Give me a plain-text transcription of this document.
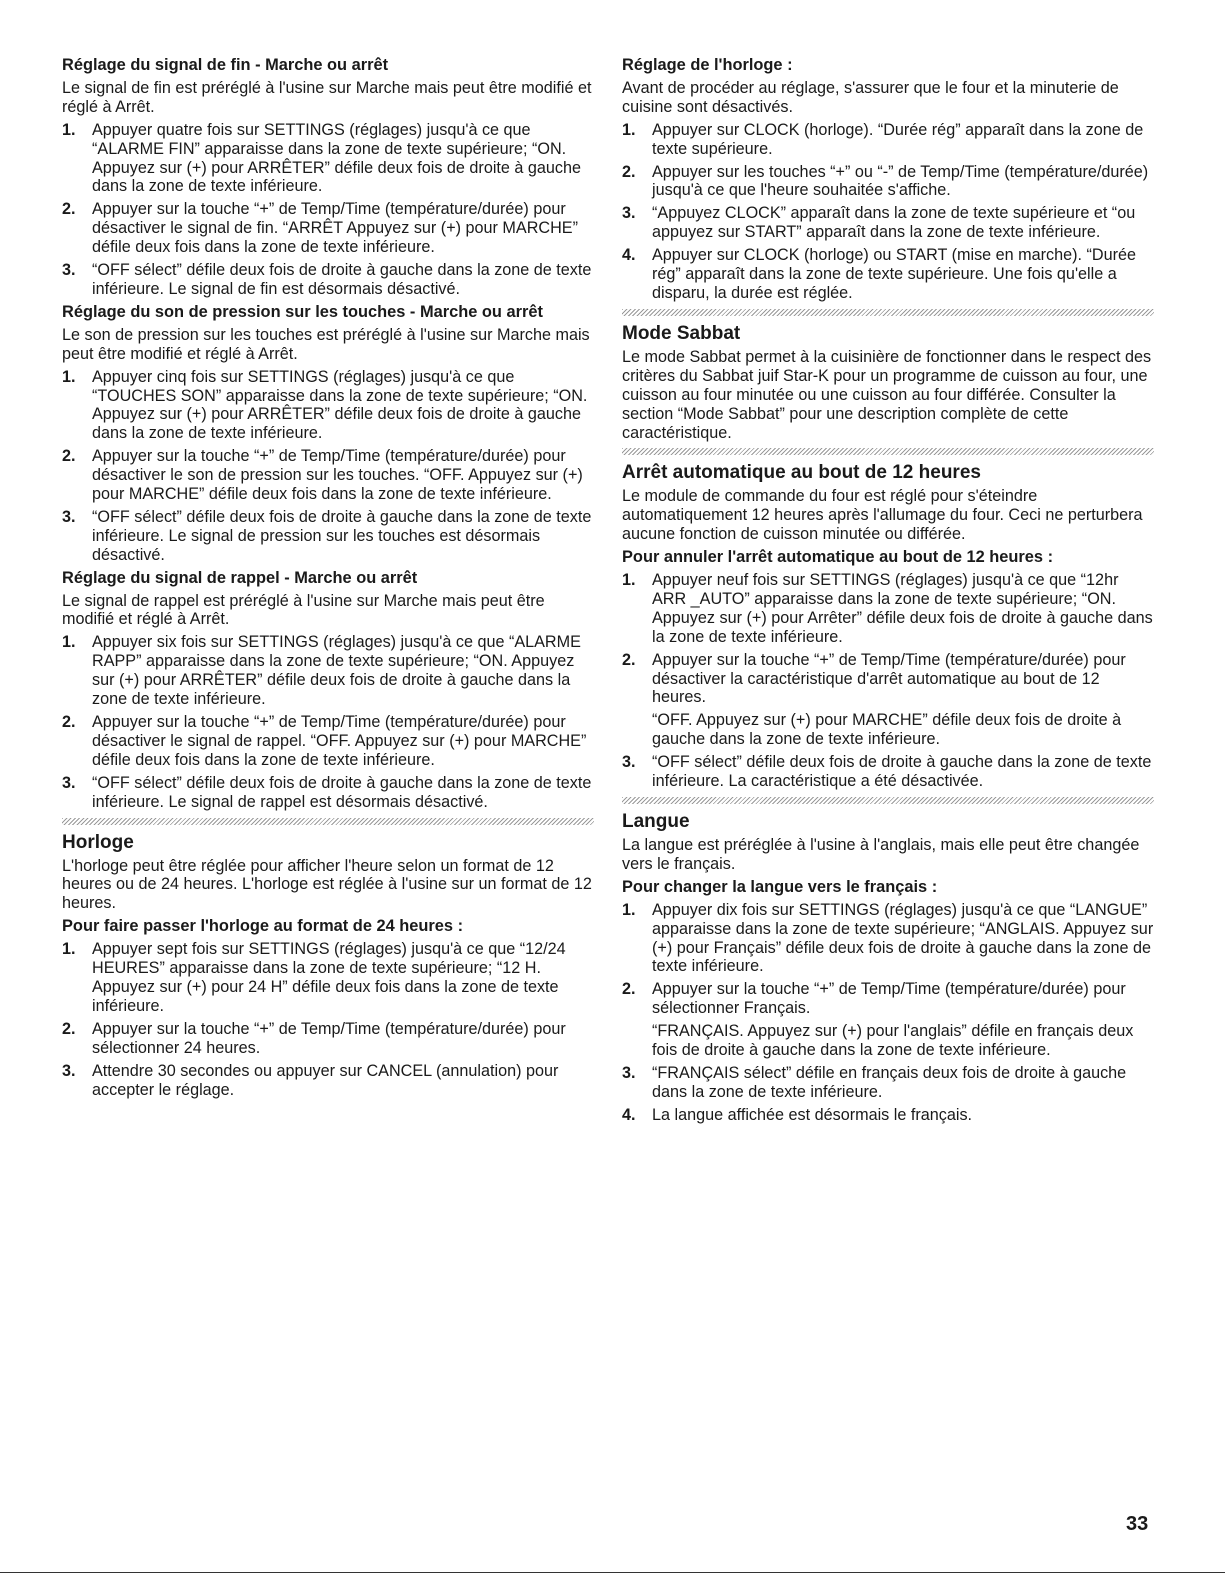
Réglage du signal de fin - Marche ou arrêt

Le signal de fin est préréglé à l'usine sur Marche mais peut être modifié et réglé à Arrêt.

1.	Appuyer quatre fois sur SETTINGS (réglages) jusqu'à ce que “ALARME FIN” apparaisse dans la zone de texte supérieure; “ON. Appuyez sur (+) pour ARRÊTER” défile deux fois de droite à gauche dans la zone de texte inférieure.
2.	Appuyer sur la touche “+” de Temp/Time (température/durée) pour désactiver le signal de fin. “ARRÊT Appuyez sur (+) pour MARCHE” défile deux fois dans la zone de texte inférieure.
3.	“OFF sélect” défile deux fois de droite à gauche dans la zone de texte inférieure. Le signal de fin est désormais désactivé.
Réglage du son de pression sur les touches - Marche ou arrêt

Le son de pression sur les touches est préréglé à l'usine sur Marche mais peut être modifié et réglé à Arrêt.

1.	Appuyer cinq fois sur SETTINGS (réglages) jusqu'à ce que “TOUCHES SON” apparaisse dans la zone de texte supérieure; “ON. Appuyez sur (+) pour ARRÊTER” défile deux fois de droite à gauche dans la zone de texte inférieure.
2.	Appuyer sur la touche “+” de Temp/Time (température/durée) pour désactiver le son de pression sur les touches. “OFF. Appuyez sur (+) pour MARCHE” défile deux fois dans la zone de texte inférieure.
3.	“OFF sélect” défile deux fois de droite à gauche dans la zone de texte inférieure. Le signal de pression sur les touches est désormais désactivé.
Réglage du signal de rappel - Marche ou arrêt

Le signal de rappel est préréglé à l'usine sur Marche mais peut être modifié et réglé à Arrêt.

1.	Appuyer six fois sur SETTINGS (réglages) jusqu'à ce que “ALARME RAPP” apparaisse dans la zone de texte supérieure; “ON. Appuyez sur (+) pour ARRÊTER” défile deux fois de droite à gauche dans la zone de texte inférieure.
2.	Appuyer sur la touche “+” de Temp/Time (température/durée) pour désactiver le signal de rappel. “OFF. Appuyez sur (+) pour MARCHE” défile deux fois dans la zone de texte inférieure.
3.	“OFF sélect” défile deux fois de droite à gauche dans la zone de texte inférieure. Le signal de rappel est désormais désactivé.
Horloge

L'horloge peut être réglée pour afficher l'heure selon un format de 12 heures ou de 24 heures. L'horloge est réglée à l'usine sur un format de 12 heures.

Pour faire passer l'horloge au format de 24 heures :
1.	Appuyer sept fois sur SETTINGS (réglages) jusqu'à ce que “12/24 HEURES” apparaisse dans la zone de texte supérieure; “12 H. Appuyez sur (+) pour 24 H” défile deux fois dans la zone de texte inférieure.
2.	Appuyer sur la touche “+” de Temp/Time (température/durée) pour sélectionner 24 heures.
3.	Attendre 30 secondes ou appuyer sur CANCEL (annulation) pour accepter le réglage.
Réglage de l'horloge :

Avant de procéder au réglage, s'assurer que le four et la minuterie de cuisine sont désactivés.

1.	Appuyer sur CLOCK (horloge). “Durée rég” apparaît dans la zone de texte supérieure.
2.	Appuyer sur les touches “+” ou “-” de Temp/Time (température/durée) jusqu'à ce que l'heure souhaitée s'affiche.
3.	“Appuyez CLOCK” apparaît dans la zone de texte supérieure et “ou appuyez sur START” apparaît dans la zone de texte inférieure.
4.	Appuyer sur CLOCK (horloge) ou START (mise en marche). “Durée rég” apparaît dans la zone de texte supérieure. Une fois qu'elle a disparu, la durée est réglée.
Mode Sabbat

Le mode Sabbat permet à la cuisinière de fonctionner dans le respect des critères du Sabbat juif Star-K pour un programme de cuisson au four, une cuisson au four minutée ou une cuisson au four différée. Consulter la section “Mode Sabbat” pour une description complète de cette caractéristique.

Arrêt automatique au bout de 12 heures

Le module de commande du four est réglé pour s'éteindre automatiquement 12 heures après l'allumage du four. Ceci ne perturbera aucune fonction de cuisson minutée ou différée.

Pour annuler l'arrêt automatique au bout de 12 heures :
1.	Appuyer neuf fois sur SETTINGS (réglages) jusqu'à ce que “12hr ARR _AUTO” apparaisse dans la zone de texte supérieure; “ON. Appuyez sur (+) pour Arrêter” défile deux fois de droite à gauche dans la zone de texte inférieure.
2.	Appuyer sur la touche “+” de Temp/Time (température/durée) pour désactiver la caractéristique d'arrêt automatique au bout de 12 heures.
“OFF. Appuyez sur (+) pour MARCHE” défile deux fois de droite à gauche dans la zone de texte inférieure.
3.	“OFF sélect” défile deux fois de droite à gauche dans la zone de texte inférieure. La caractéristique a été désactivée.
Langue

La langue est préréglée à l'usine à l'anglais, mais elle peut être changée vers le français.

Pour changer la langue vers le français :
1.	Appuyer dix fois sur SETTINGS (réglages) jusqu'à ce que “LANGUE” apparaisse dans la zone de texte supérieure; “ANGLAIS. Appuyez sur (+) pour Français” défile deux fois de droite à gauche dans la zone de texte inférieure.
2.	Appuyer sur la touche “+” de Temp/Time (température/durée) pour sélectionner Français.
“FRANÇAIS. Appuyez sur (+) pour l'anglais” défile en français deux fois de droite à gauche dans la zone de texte inférieure.
3.	“FRANÇAIS sélect” défile en français deux fois de droite à gauche dans la zone de texte inférieure.
4.	La langue affichée est désormais le français.
33
